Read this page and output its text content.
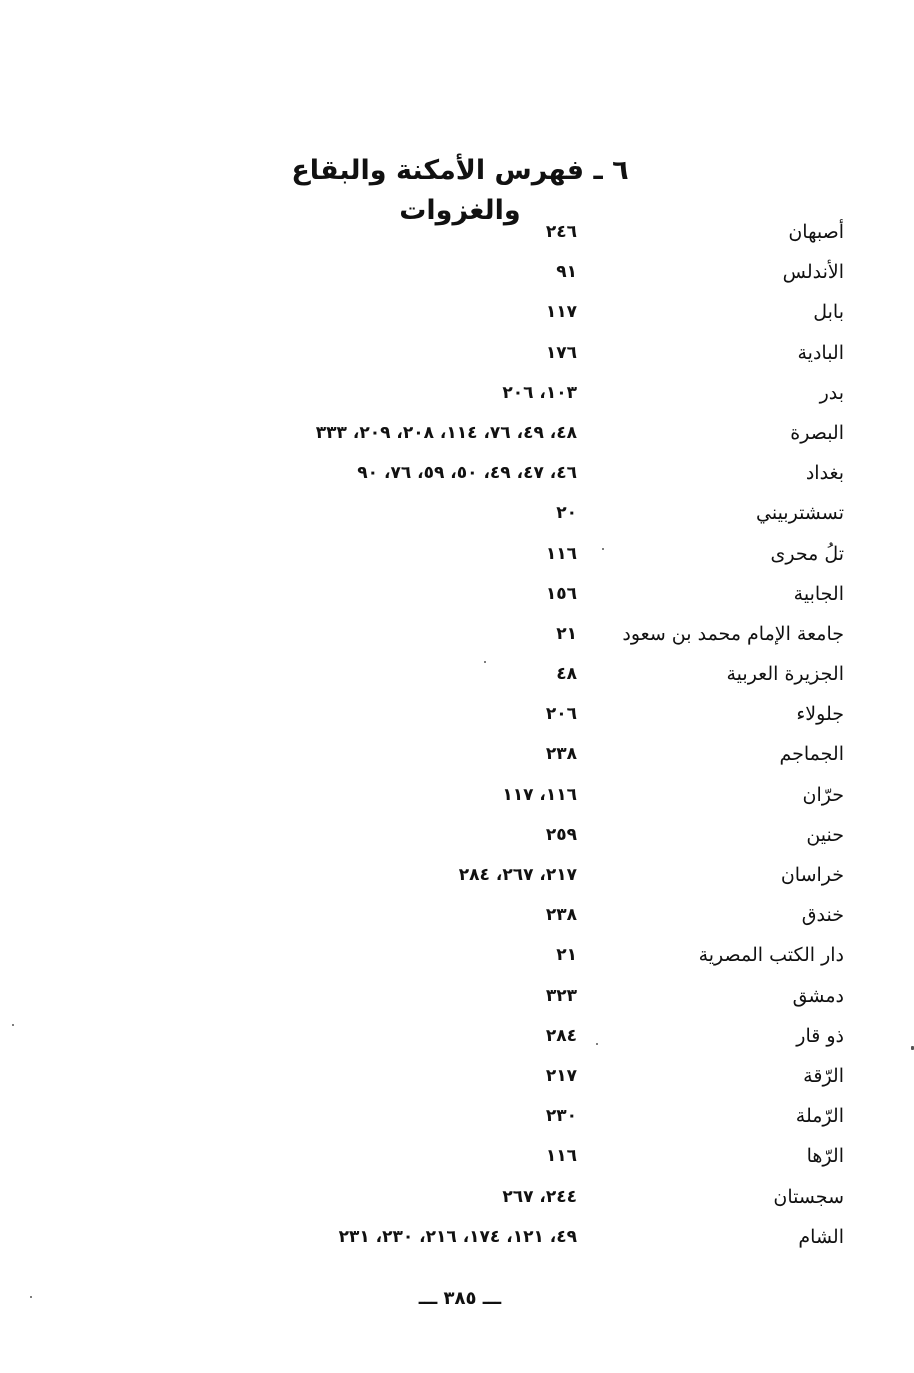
٦ ـ فهرس الأمكنة والبقاع والغزوات
أصبهان
٢٤٦
الأندلس
٩١
بابل
١١٧
البادية
١٧٦
بدر
١٠٣، ٢٠٦
البصرة
٤٨، ٤٩، ٧٦، ١١٤، ٢٠٨، ٢٠٩، ٣٣٣
بغداد
٤٦، ٤٧، ٤٩، ٥٠، ٥٩، ٧٦، ٩٠
تسشتربيني
٢٠
تلُ محرى
١١٦
الجابية
١٥٦
جامعة الإمام محمد بن سعود
٢١
الجزيرة العربية
٤٨
جلولاء
٢٠٦
الجماجم
٢٣٨
حرّان
١١٦، ١١٧
حنين
٢٥٩
خراسان
٢١٧، ٢٦٧، ٢٨٤
خندق
٢٣٨
دار الكتب المصرية
٢١
دمشق
٣٢٣
ذو قار
٢٨٤
الرّقة
٢١٧
الرّملة
٢٣٠
الرّها
١١٦
سجستان
٢٤٤، ٢٦٧
الشام
٤٩، ١٢١، ١٧٤، ٢١٦، ٢٣٠، ٢٣١
ـــ ٣٨٥ ـــ
